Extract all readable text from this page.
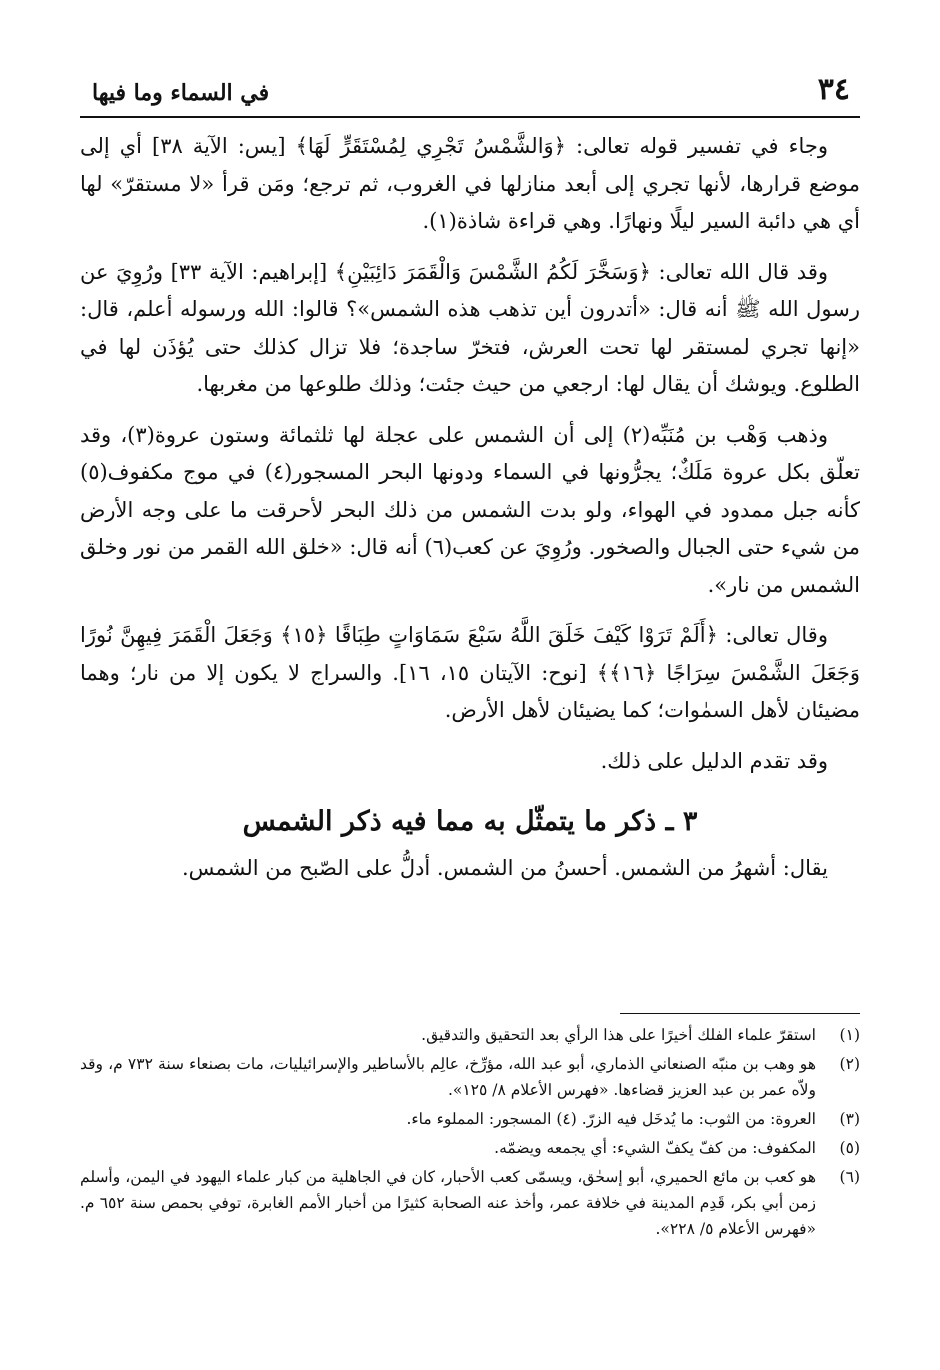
٣٤
في السماء وما فيها

وجاء في تفسير قوله تعالى: ﴿وَالشَّمْسُ تَجْرِي لِمُسْتَقَرٍّ لَهَا﴾ [يس: الآية ٣٨] أي إلى موضع قرارها، لأنها تجري إلى أبعد منازلها في الغروب، ثم ترجع؛ ومَن قرأ «لا مستقرّ» لها أي هي دائبة السير ليلًا ونهارًا. وهي قراءة شاذة(١).

وقد قال الله تعالى: ﴿وَسَخَّرَ لَكُمُ الشَّمْسَ وَالْقَمَرَ دَائِبَيْنِ﴾ [إبراهيم: الآية ٣٣] ورُوِيَ عن رسول الله ﷺ أنه قال: «أتدرون أين تذهب هذه الشمس»؟ قالوا: الله ورسوله أعلم، قال: «إنها تجري لمستقر لها تحت العرش، فتخرّ ساجدة؛ فلا تزال كذلك حتى يُؤذَن لها في الطلوع. ويوشك أن يقال لها: ارجعي من حيث جئت؛ وذلك طلوعها من مغربها.

وذهب وَهْب بن مُنَبِّه(٢) إلى أن الشمس على عجلة لها ثلثمائة وستون عروة(٣)، وقد تعلّق بكل عروة مَلَكٌ؛ يجرُّونها في السماء ودونها البحر المسجور(٤) في موج مكفوف(٥) كأنه جبل ممدود في الهواء، ولو بدت الشمس من ذلك البحر لأحرقت ما على وجه الأرض من شيء حتى الجبال والصخور. ورُوِيَ عن كعب(٦) أنه قال: «خلق الله القمر من نور وخلق الشمس من نار».

وقال تعالى: ﴿أَلَمْ تَرَوْا كَيْفَ خَلَقَ اللَّهُ سَبْعَ سَمَاوَاتٍ طِبَاقًا ﴿١٥﴾ وَجَعَلَ الْقَمَرَ فِيهِنَّ نُورًا وَجَعَلَ الشَّمْسَ سِرَاجًا ﴿١٦﴾﴾ [نوح: الآيتان ١٥، ١٦]. والسراج لا يكون إلا من نار؛ وهما مضيئان لأهل السمٰوات؛ كما يضيئان لأهل الأرض.

وقد تقدم الدليل على ذلك.

٣ ـ ذكر ما يتمثّل به مما فيه ذكر الشمس

يقال: أشهرُ من الشمس. أحسنُ من الشمس. أدلُّ على الصّبح من الشمس.

(١)
استقرّ علماء الفلك أخيرًا على هذا الرأي بعد التحقيق والتدقيق.
(٢)
هو وهب بن منبّه الصنعاني الذماري، أبو عبد الله، مؤرِّخ، عالِم بالأساطير والإسرائيليات، مات بصنعاء سنة ٧٣٢ م، وقد ولاّه عمر بن عبد العزيز قضاءها. «فهرس الأعلام ٨/ ١٢٥».
(٣)
العروة: من الثوب: ما يُدخَل فيه الزرّ. (٤) المسجور: المملوء ماء.
(٥)
المكفوف: من كفّ يكفّ الشيء: أي يجمعه ويضمّه.
(٦)
هو كعب بن مائع الحميري، أبو إسحٰق، ويسمّى كعب الأحبار، كان في الجاهلية من كبار علماء اليهود في اليمن، وأسلم زمن أبي بكر، قَدِم المدينة في خلافة عمر، وأخذ عنه الصحابة كثيرًا من أخبار الأمم الغابرة، توفي بحمص سنة ٦٥٢ م. «فهرس الأعلام ٥/ ٢٢٨».
